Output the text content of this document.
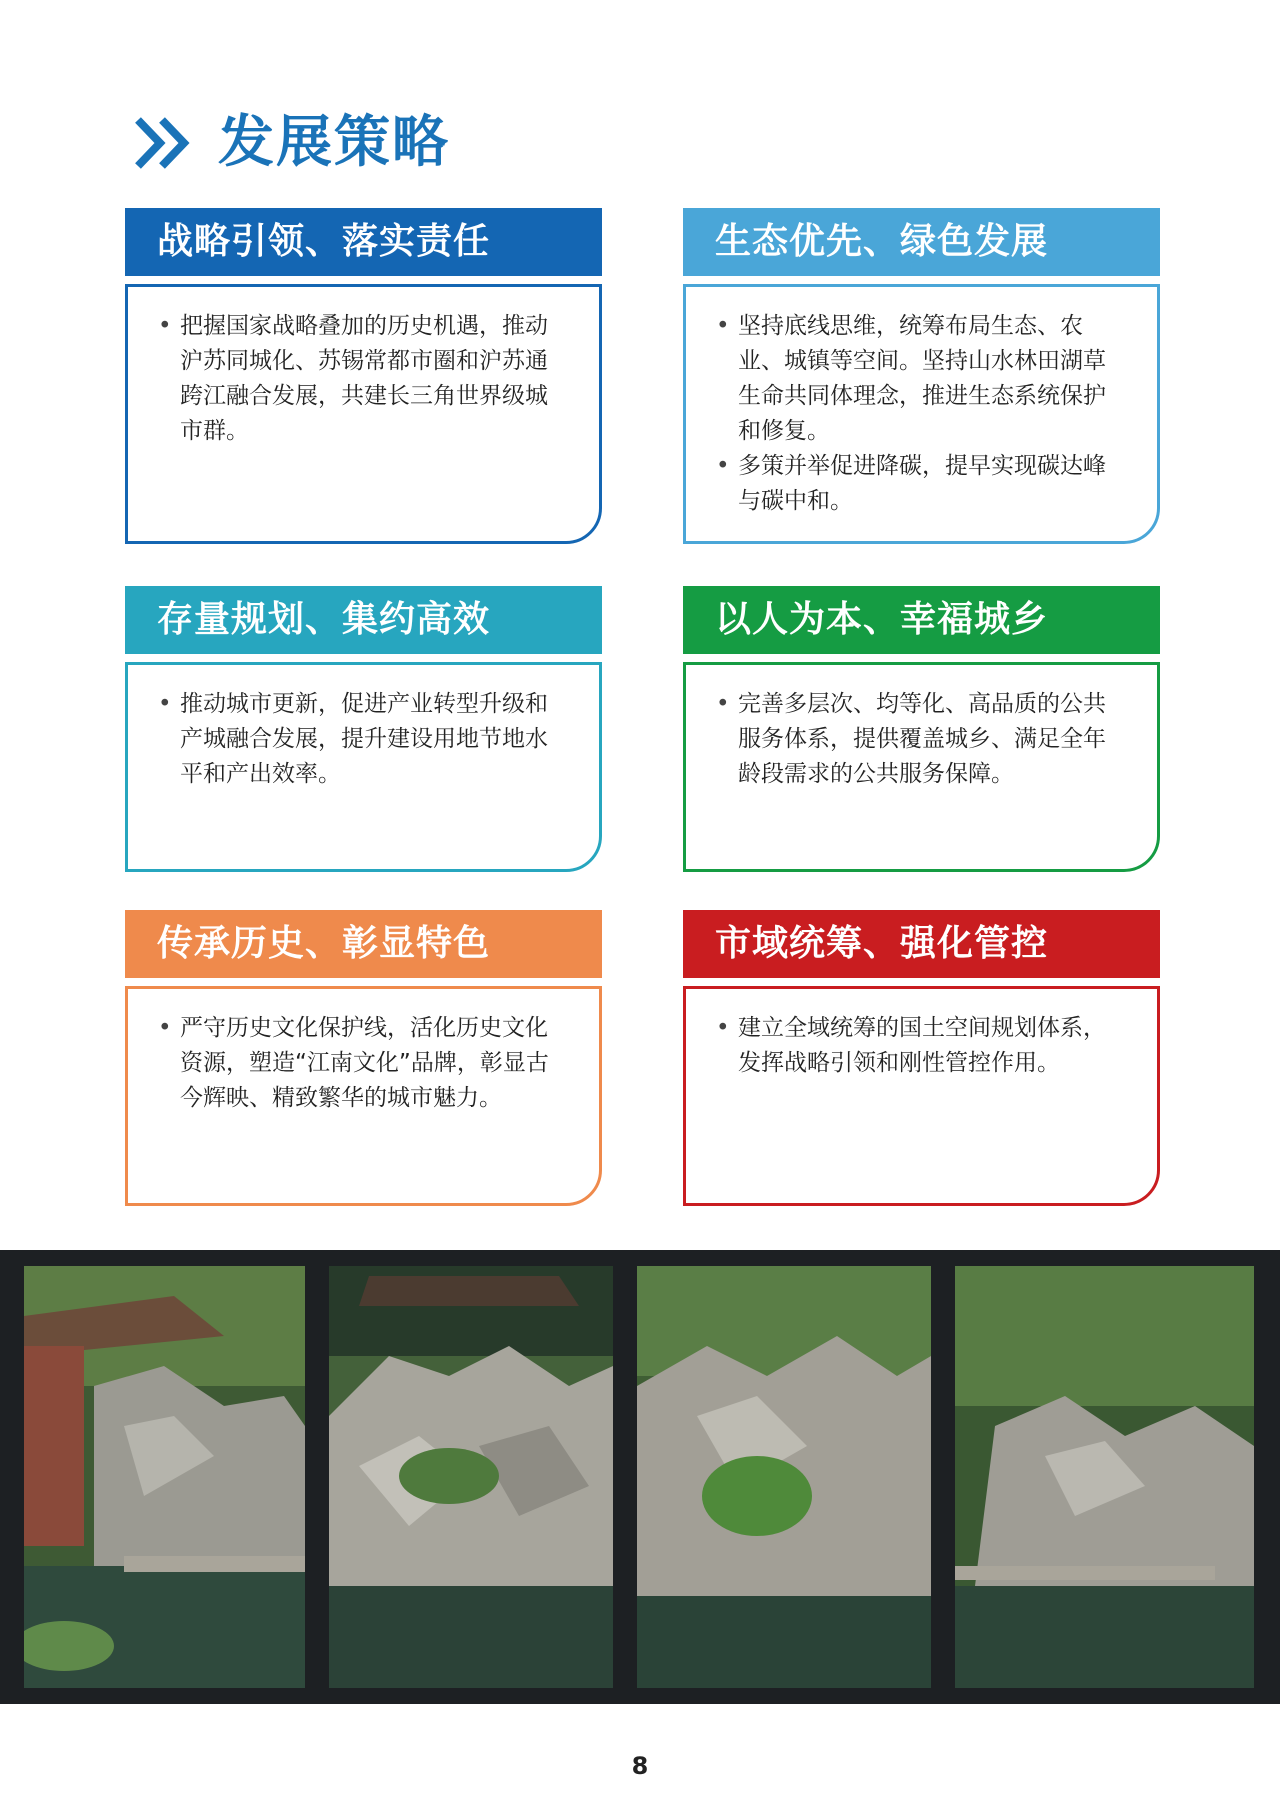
发展策略
战略引领、落实责任
• 把握国家战略叠加的历史机遇，推动沪苏同城化、苏锡常都市圈和沪苏通跨江融合发展，共建长三角世界级城市群。
生态优先、绿色发展
• 坚持底线思维，统筹布局生态、农业、城镇等空间。坚持山水林田湖草生命共同体理念，推进生态系统保护和修复。
• 多策并举促进降碳，提早实现碳达峰与碳中和。
存量规划、集约高效
• 推动城市更新，促进产业转型升级和产城融合发展，提升建设用地节地水平和产出效率。
以人为本、幸福城乡
• 完善多层次、均等化、高品质的公共服务体系，提供覆盖城乡、满足全年龄段需求的公共服务保障。
传承历史、彰显特色
• 严守历史文化保护线，活化历史文化资源，塑造“江南文化”品牌，彰显古今辉映、精致繁华的城市魅力。
市域统筹、强化管控
• 建立全域统筹的国土空间规划体系，发挥战略引领和刚性管控作用。
8
